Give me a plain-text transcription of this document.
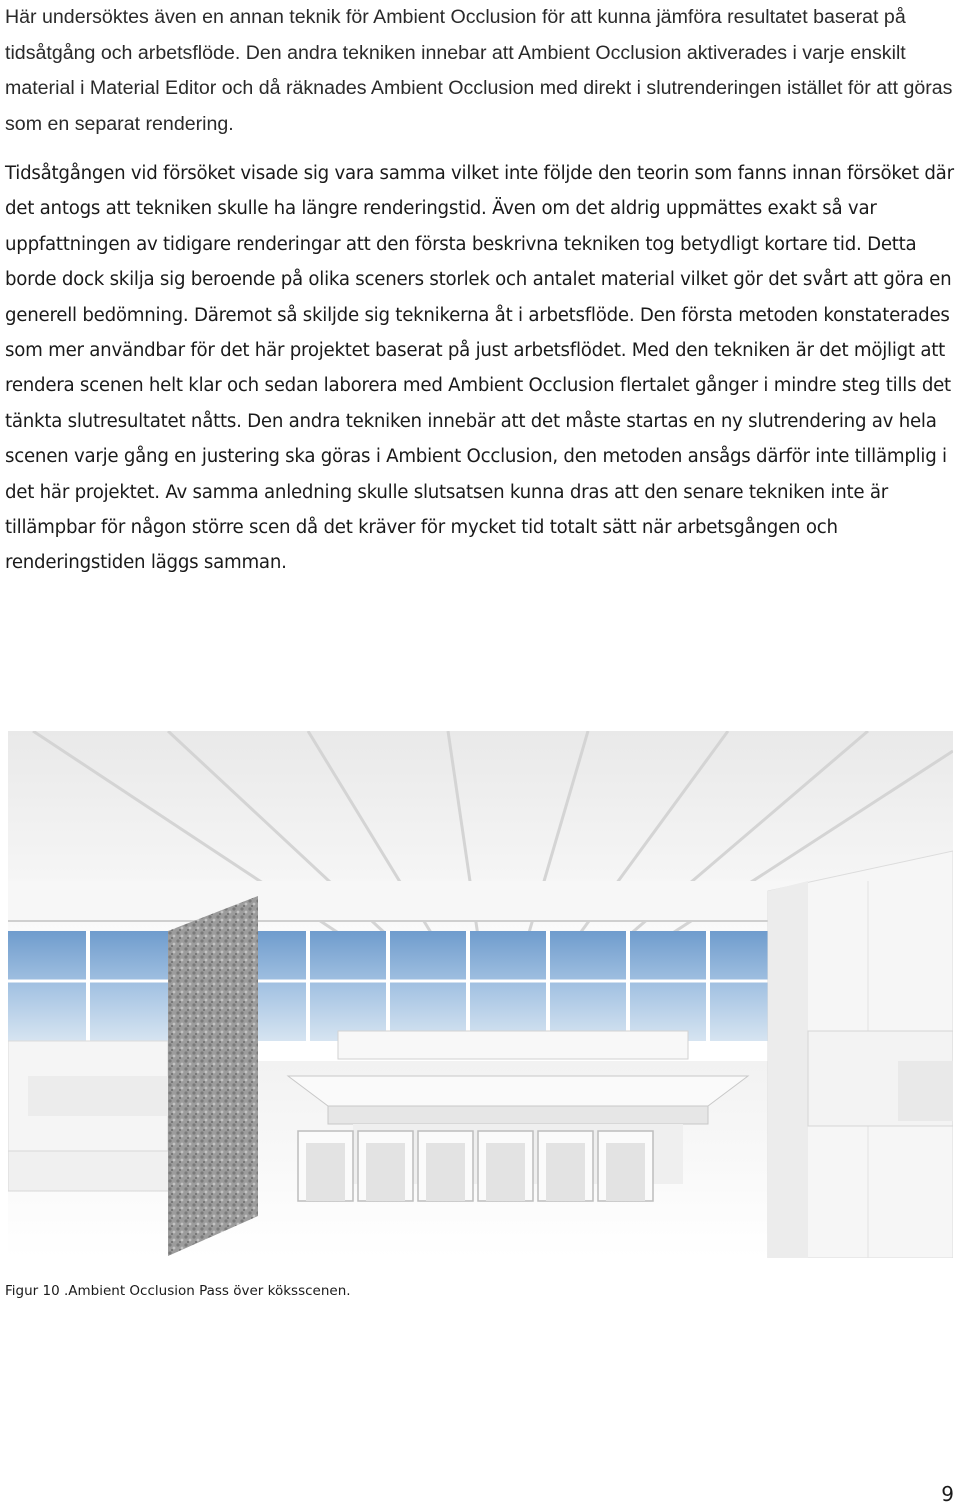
Här undersöktes även en annan teknik för Ambient Occlusion för att kunna jämföra resultatet baserat på tidsåtgång och arbetsflöde. Den andra tekniken innebar att Ambient Occlusion aktiverades i varje enskilt material i Material Editor och då räknades Ambient Occlusion med direkt i slutrenderingen istället för att göras som en separat rendering.

Tidsåtgången vid försöket visade sig vara samma vilket inte följde den teorin som fanns innan försöket där det antogs att tekniken skulle ha längre renderingstid. Även om det aldrig uppmättes exakt så var uppfattningen av tidigare renderingar att den första beskrivna tekniken tog betydligt kortare tid. Detta borde dock skilja sig beroende på olika sceners storlek och antalet material vilket gör det svårt att göra en generell bedömning. Däremot så skiljde sig teknikerna åt i arbetsflöde. Den första metoden konstaterades som mer användbar för det här projektet baserat på just arbetsflödet. Med den tekniken är det möjligt att rendera scenen helt klar och sedan laborera med Ambient Occlusion flertalet gånger i mindre steg tills det tänkta slutresultatet nåtts. Den andra tekniken innebär att det måste startas en ny slutrendering av hela scenen varje gång en justering ska göras i Ambient Occlusion, den metoden ansågs därför inte tillämplig i det här projektet. Av samma anledning skulle slutsatsen kunna dras att den senare tekniken inte är tillämpbar för någon större scen då det kräver för mycket tid totalt sätt när arbetsgången och renderingstiden läggs samman.

Figur 10 .Ambient Occlusion Pass över köksscenen.

9
